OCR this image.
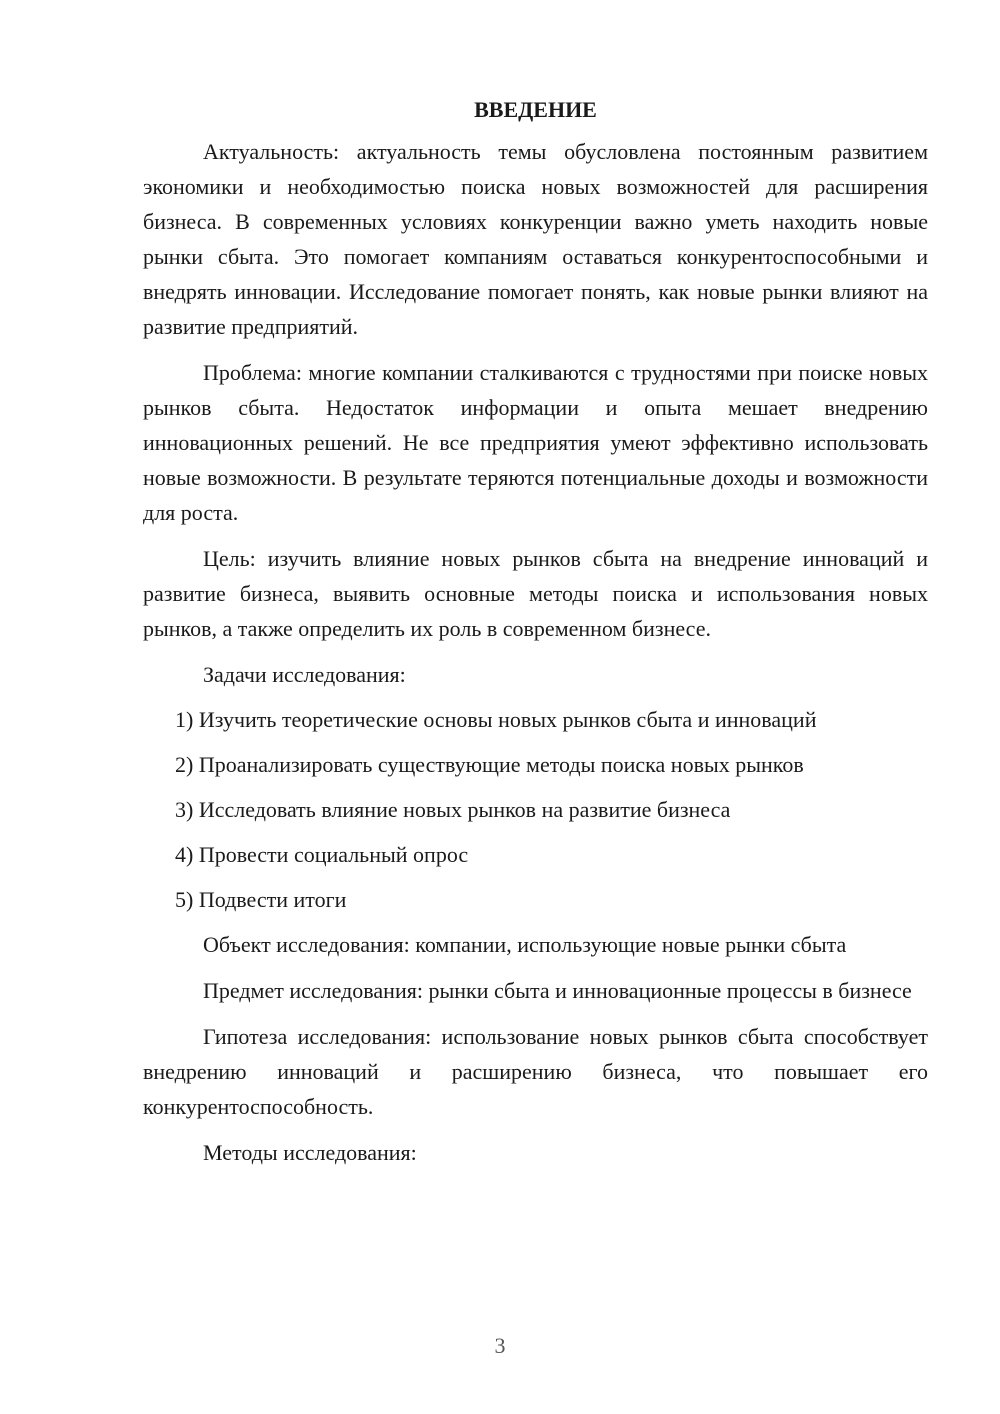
ВВЕДЕНИЕ

Актуальность: актуальность темы обусловлена постоянным развитием экономики и необходимостью поиска новых возможностей для расширения бизнеса. В современных условиях конкуренции важно уметь находить новые рынки сбыта. Это помогает компаниям оставаться конкурентоспособными и внедрять инновации. Исследование помогает понять, как новые рынки влияют на развитие предприятий.

Проблема: многие компании сталкиваются с трудностями при поиске новых рынков сбыта. Недостаток информации и опыта мешает внедрению инновационных решений. Не все предприятия умеют эффективно использовать новые возможности. В результате теряются потенциальные доходы и возможности для роста.

Цель: изучить влияние новых рынков сбыта на внедрение инноваций и развитие бизнеса, выявить основные методы поиска и использования новых рынков, а также определить их роль в современном бизнесе.

Задачи исследования:

1) Изучить теоретические основы новых рынков сбыта и инноваций
2) Проанализировать существующие методы поиска новых рынков
3) Исследовать влияние новых рынков на развитие бизнеса
4) Провести социальный опрос
5) Подвести итоги

Объект исследования: компании, использующие новые рынки сбыта

Предмет исследования: рынки сбыта и инновационные процессы в бизнесе

Гипотеза исследования: использование новых рынков сбыта способствует внедрению инноваций и расширению бизнеса, что повышает его конкурентоспособность.

Методы исследования:

3
